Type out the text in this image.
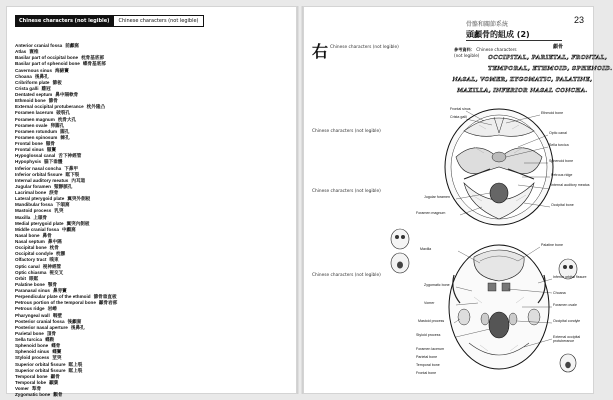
Chinese characters (not legible)	Chinese characters (not legible)
Anterior cranial fossa 前顱窩
Atlas 寰椎
Basilar part of occipital bone 枕骨基底部
Basilar part of sphenoid bone 蝶骨基底部
Cavernous sinus 海綿竇
Choana 後鼻孔
Cribriform plate 篩板
Crista galli 雞冠
Dentated septum 鼻中隔軟骨
Ethmoid bone 篩骨
External occipital protuberance 枕外隆凸
Foramen lacerum 破裂孔
Foramen magnum 枕骨大孔
Foramen ovale 卵圓孔
Foramen rotundum 圓孔
Foramen spinosum 棘孔
Frontal bone 額骨
Frontal sinus 額竇
Hypoglossal canal 舌下神經管
Hypophysis 腦下垂體
Inferior nasal concha 下鼻甲
Inferior orbital fissure 眶下裂
Internal auditory meatus 內耳道
Jugular foramen 頸靜脈孔
Lacrimal bone 淚骨
Lateral pterygoid plate 翼突外側板
Mandibular fossa 下頜窩
Mastoid process 乳突
Maxilla 上頜骨
Medial pterygoid plate 翼突內側板
Middle cranial fossa 中顱窩
Nasal bone 鼻骨
Nasal septum 鼻中隔
Occipital bone 枕骨
Occipital condyle 枕髁
Olfactory tract 嗅束
Optic canal 視神經管
Optic chiasma 視交叉
Orbit 眼眶
Palatine bone 顎骨
Paranasal sinus 鼻旁竇
Perpendicular plate of the ethmoid 篩骨垂直板
Petrous portion of the temporal bone 顳骨岩部
Petrous ridge 岩嵴
Pharyngeal wall 咽壁
Posterior cranial fossa 後顱窩
Posterior nasal aperture 後鼻孔
Parietal bone 頂骨
Sella turcica 蝶鞍
Sphenoid bone 蝶骨
Sphenoid sinus 蝶竇
Styloid process 莖突
Superior orbital fissure 眶上裂
Superior orbital fissure 眶上裂
Temporal bone 顳骨
Temporal lobe 顳葉
Vomer 犁骨
Zygomatic bone 顴骨
23
骨骼和關節系統
頭顱骨的組成 (2)
右 Chinese characters (not legible)
Chinese characters (not legible)
Chinese characters (not legible)
Chinese characters (not legible)
參考資料： Chinese characters (not legible)
顱骨
OCCIPITAL, PARIETAL, FRONTAL,
TEMPORAL, ETHMOID, SPHENOID.
NASAL, VOMER, ZYGOMATIC, PALATINE,
MAXILLA, INFERIOR NASAL CONCHA.
Frontal sinus
Crista galli
Ethmoid bone
Optic canal
Sella turcica
Sphenoid bone
Petrous ridge
Internal auditory meatus
Jugular foramen
Foramen magnum
Occipital bone
Maxilla
Palatine bone
Inferior orbital fissure
Zygomatic bone
Choana
Vomer	Foramen ovale
Mastoid process	Occipital condyle
Styloid process	External occipital protuberance
Foramen lacerum
Parietal bone
Temporal bone
Frontal bone
